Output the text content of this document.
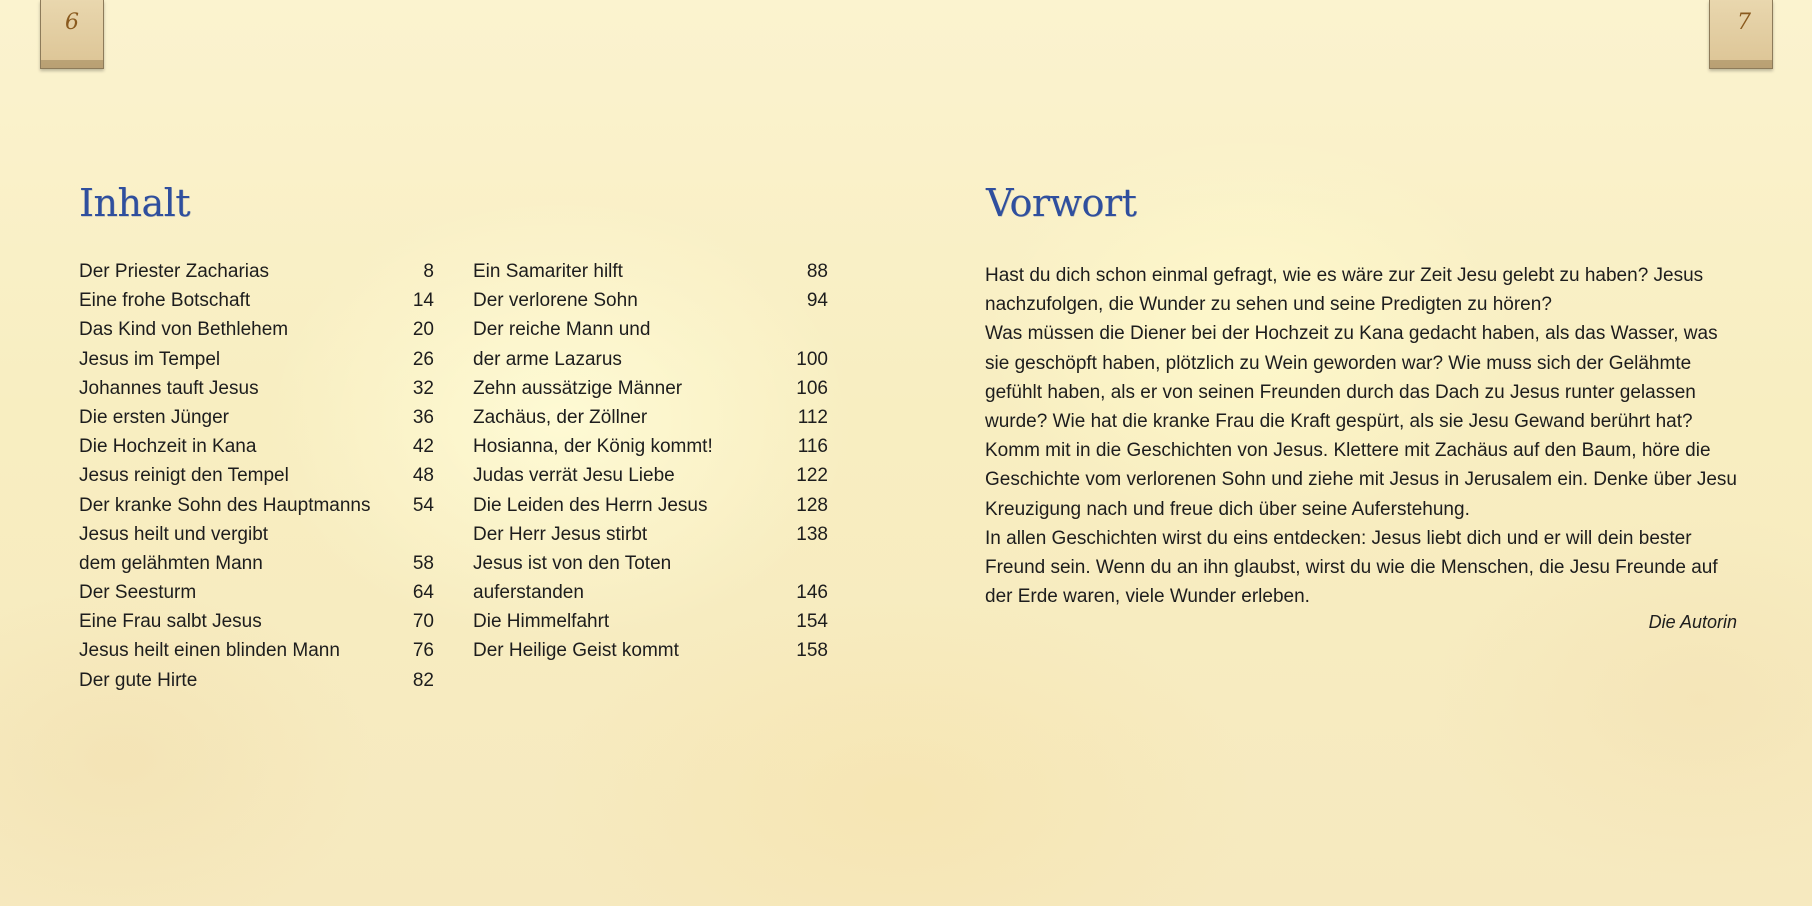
6
Inhalt
Der Priester Zacharias	8
Eine frohe Botschaft	14
Das Kind von Bethlehem	20
Jesus im Tempel	26
Johannes tauft Jesus	32
Die ersten Jünger	36
Die Hochzeit in Kana	42
Jesus reinigt den Tempel	48
Der kranke Sohn des Hauptmanns	54
Jesus heilt und vergibt
dem gelähmten Mann	58
Der Seesturm	64
Eine Frau salbt Jesus	70
Jesus heilt einen blinden Mann	76
Der gute Hirte	82
Ein Samariter hilft	88
Der verlorene Sohn	94
Der reiche Mann und
der arme Lazarus	100
Zehn aussätzige Männer	106
Zachäus, der Zöllner	112
Hosianna, der König kommt!	116
Judas verrät Jesu Liebe	122
Die Leiden des Herrn Jesus	128
Der Herr Jesus stirbt	138
Jesus ist von den Toten
auferstanden	146
Die Himmelfahrt	154
Der Heilige Geist kommt	158
7
Vorwort

Hast du dich schon einmal gefragt, wie es wäre zur Zeit Jesu gelebt zu haben? Jesus nachzufolgen, die Wunder zu sehen und seine Predigten zu hören?

Was müssen die Diener bei der Hochzeit zu Kana gedacht haben, als das Wasser, was sie geschöpft haben, plötzlich zu Wein geworden war? Wie muss sich der Gelähmte gefühlt haben, als er von seinen Freunden durch das Dach zu Jesus runter gelassen wurde? Wie hat die kranke Frau die Kraft gespürt, als sie Jesu Gewand berührt hat?

Komm mit in die Geschichten von Jesus. Klettere mit Zachäus auf den Baum, höre die Geschichte vom verlorenen Sohn und ziehe mit Jesus in Jerusalem ein. Denke über Jesu Kreuzigung nach und freue dich über seine Auferstehung.

In allen Geschichten wirst du eins entdecken: Jesus liebt dich und er will dein bester Freund sein. Wenn du an ihn glaubst, wirst du wie die Menschen, die Jesu Freunde auf der Erde waren, viele Wunder erleben.

Die Autorin
